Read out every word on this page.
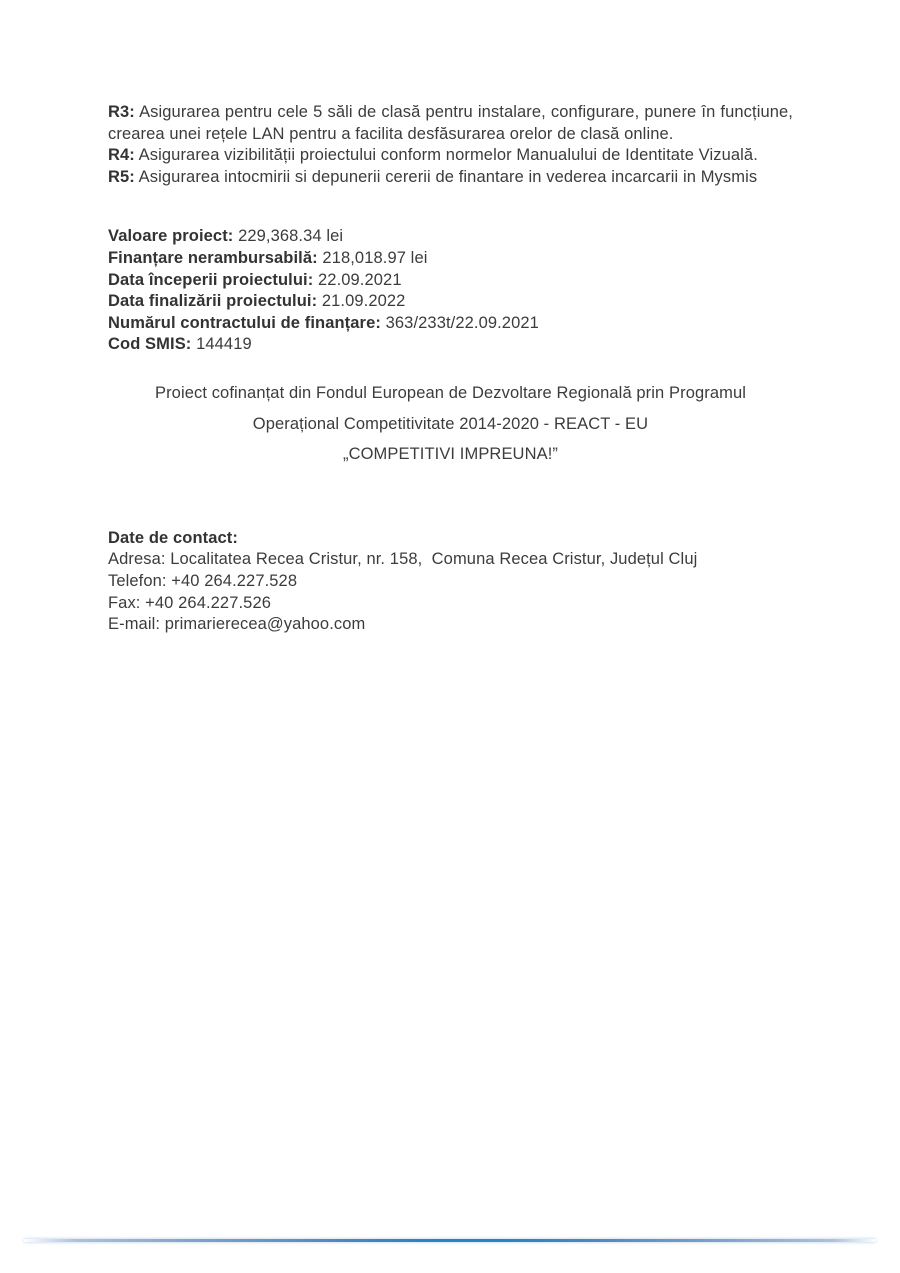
R3: Asigurarea pentru cele 5 săli de clasă pentru instalare, configurare, punere în funcțiune, crearea unei rețele LAN pentru a facilita desfăsurarea orelor de clasă online.

R4: Asigurarea vizibilității proiectului conform normelor Manualului de Identitate Vizuală.

R5: Asigurarea intocmirii si depunerii cererii de finantare in vederea incarcarii in Mysmis

Valoare proiect: 229,368.34 lei

Finanțare nerambursabilă: 218,018.97 lei

Data începerii proiectului: 22.09.2021

Data finalizării proiectului: 21.09.2022

Numărul contractului de finanțare: 363/233t/22.09.2021

Cod SMIS: 144419

Proiect cofinanțat din Fondul European de Dezvoltare Regională prin Programul

Operațional Competitivitate 2014-2020 - REACT - EU

„COMPETITIVI IMPREUNA!”

Date de contact:

Adresa: Localitatea Recea Cristur, nr. 158,  Comuna Recea Cristur, Județul Cluj

Telefon: +40 264.227.528

Fax: +40 264.227.526

E-mail: primarierecea@yahoo.com
